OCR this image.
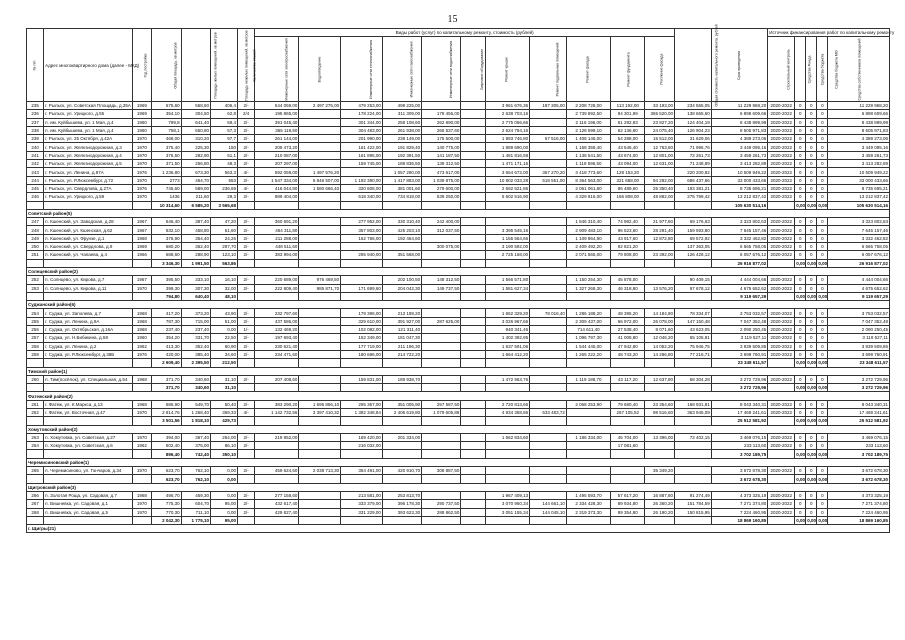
15
№ п/п	Адрес многоквартирного дома (далее - МКД)	Год постройки	Общая площадь, кв.метров	Площадь жилых помещений, кв.метров	Площадь нежилых помещений, кв.метров	Количество этажей	Виды работ (услуг) по капитальному ремонту, стоимость (рублей)											Общая стоимость капитального ремонта, рублей	Срок проведения	Источник финансирования работ по капитальному ремонту				
							Инженерные сети электроснабжения	Водоотведение	Инженерные сети теплоснабжения	Инженерные сети газоснабжения	Инженерные сети водоснабжения	Лифтовое оборудование	Ремонт крыши	Ремонт подвальных помещений	Ремонт фасада	Ремонт фундамента	Утепление фасада			Строительный контроль	Средства Фонда	Средства бюджета	Средства бюджета МО	Средства собственников помещений
235	г. Рыльск, ул. Советская Площадь, д.35А	1969	675,60	568,60	406,4	2/-	544 059,00	2 497 275,00	479 253,00	498 225,00			3 961 676,36	187 305,00	2 208 728,00	113 192,00	33 193,00	234 565,05	11 229 968,20	2020-2022	0	0	0	11 229 968,20
236	г. Рыльск, ул. Урицкого, д.55	1969	354,10	304,50	62,8	2/4	195 865,00		178 224,00	311 309,00	178 456,00		2 638 703,16		2 739 892,50	94 301,99	365 520,00	138 665,60	6 898 609,66	2020-2022	0	0	0	6 898 609,66
237	п. им. Куйбышева, ул. 1 Мая, д.4	1960	799,8	641,40	59,4	2/-	391 045,40		301 344,00	258 108,60	262 890,00		2 775 066,66		2 116 196,00	61 292,93	23 827,20	124 404,19	8 438 899,99	2020-2022	0	0	0	8 438 899,99
238	п. им. Куйбышева, ул. 1 Мая, д.4	1960	758,1	650,80	57,3	2/-	365 119,50		304 483,00	261 938,00	265 537,60		2 624 784,16		2 128 599,10	62 136,60	24 075,40	126 904,23	8 505 971,83	2020-2022	0	0	0	8 505 971,83
239	г. Рыльск, ул. 25 Октября, д.42А	1970	468,00	310,20	97,7	2/-	261 144,00		201 990,00	238 149,00	175 500,00		1 893 746,80	67 516,00	1 408 146,00	54 288,00	15 512,00	31 629,06	4 389 273,06	2020-2022	0	0	0	4 389 273,06
240	г. Рыльск, ул. Железнодорожная, д.3	1970	375,40	225,30	150	2/-	209 473,20		161 422,00	191 829,40	140 775,00		1 889 690,00		1 158 359,40	43 546,40	12 763,60	71 996,76	3 449 095,16	2020-2022	0	0	0	3 449 095,16
241	г. Рыльск, ул. Железнодорожная, д.4	1970	376,50	282,90	51,1	2/-	210 087,00		161 895,00	192 391,50	141 187,50		1 481 816,58		1 138 541,50	43 674,00	12 801,00	72 261,73	3 459 261,73	2020-2022	0	0	0	3 459 261,73
242	г. Рыльск, ул. Железнодорожная, д.5	1970	371,50	256,80	48,3	2/-	207 297,00		159 745,00	189 836,50	139 312,50		1 471 171,16		1 118 596,50	43 094,00	12 631,00	71 248,89	3 413 282,89	2020-2022	0	0	0	3 413 282,89
243	г. Рыльск, ул. Ленина, д.87А	1976	1 236,80	673,30	563,3	4/-	592 059,00	1 497 576,20		1 057 290,00	473 617,00		3 654 672,00	367 270,20	3 418 773,60	128 153,20		220 200,82	10 509 949,22	2020-2022	0	0	0	10 509 949,22
244	г. Рыльск, ул. Р.Люксембург, д.72	1970	2773	464,70	553	2/-	1 547 334,00	6 846 507,00	1 192 390,00	1 417 883,00	1 039 875,00		10 802 033,28	518 551,00	8 364 563,00	321 668,00	94 282,00	686 437,66	33 000 433,66	2020-2022	0	0	0	33 000 433,66
245	г. Рыльск, ул. Свердлова, д.27А	1976	745,60	589,00	236,69	4/-	416 044,80	1 580 666,40	320 608,00	381 001,60	279 600,00		2 692 521,86		2 061 061,60	86 489,60	25 350,40	193 381,21	8 735 695,21	2020-2022	0	0	0	8 735 695,21
246	г. Рыльск, ул. Урицкого, д.59	1970	1436	211,60	29,3	2/-	889 404,00		618 340,00	734 818,00	539 250,00		5 602 516,90		4 329 816,00	166 808,00	48 882,00	275 799,42	13 212 837,42	2020-2022	0	0	0	13 212 837,42
			10 314,60	6 585,20	3 565,68														105 630 514,16		0,00	0,00	0,00	105 630 514,16
Советский район(5)																								
247	п. Кшенский, ул. Заводская, д.28	1967	646,40	387,40	47,20	2/-	360 691,20		277 952,00	330 310,40	242 400,00				1 846 310,40	74 982,40	21 977,60	69 176,63	3 323 802,63	2020-2022	0	0	0	3 323 802,63
248	п. Кшенский, ул. Кшенская, д.62	1967	832,10	458,80	51,60	2/-	464 311,80		357 803,00	425 203,10	312 037,50		3 395 545,16		2 909 483,10	96 523,60	28 291,40	159 593,80	7 645 157,46	2020-2022	0	0	0	7 645 157,46
249	п. Кшенский, ул. Фрунзе, д.1	1968	376,90	354,40	24,26	2/-	211 288,00		162 766,00	192 464,60			1 155 564,66		1 109 864,90	43 917,60	12 872,80	69 572,92	3 332 462,82	2020-2022	0	0	0	3 332 462,82
250	п. Кшенский, ул. Свердлова, д.9	1969	680,20	362,40	297,70	2/-	448 511,60				300 075,00		3 190 592,00		2 409 492,20	92 821,20		137 363,05	6 565 758,05	2020-2022	0	0	0	6 565 758,05
251	п. Кшенский, ул. Чапаева, д.4	1966	688,60	288,90	123,10	2/-	383 994,00		295 940,00	351 568,00			2 725 168,00		2 071 565,00	79 808,00	23 392,00	126 428,12	6 057 676,12	2020-2022	0	0	0	6 057 676,12
			3 346,30	1 991,50	563,86														26 916 877,02		0,00	0,00	0,00	26 916 877,02
Солнцевский район(2)																								
252	п. Солнцево, ул. Кирова, д.7	1967	395,50	333,10	16,10	2/-	220 689,00	976 469,50		202 100,50	148 312,50		1 566 571,80		1 150 254,30	45 878,00		90 409,15	4 444 004,66	2020-2022	0	0	0	4 444 004,66
253	п. Солнцево, ул. Кирова, д.11	1970	399,30	307,30	32,00	2/-	222 809,40	985 871,70	171 699,60	204 042,30	149 737,50		1 581 627,34		1 327 269,30	46 318,80	13 576,20	97 678,12	4 675 652,62	2020-2022	0	0	0	4 675 652,62
			794,80	640,40	48,10														9 119 657,29		0,00	0,00	0,00	9 119 657,29
Суджанский район(6)																								
254	г. Суджа, ул. Заполева, д.7	1968	417,20	373,20	43,90	2/-	232 797,60		179 396,00	213 189,20			1 652 329,20	78 016,40	1 286 188,20	48 395,20	14 184,80	78 334,07	3 753 032,57	2020-2022	0	0	0	3 753 032,57
255	г. Суджа, ул. Ленина, д.9А	1968	787,30	715,00	51,00	2/-	437 586,00		329 610,00	391 927,00	287 625,00		3 026 967,66		2 309 437,00	66 972,00	26 078,00	147 150,48	7 047 352,48	2020-2022	0	0	0	7 047 352,48
256	г. Суджа, ул. Октябрьская, д.16А	1968	237,40	237,40	0,00	1/-	132 469,20		102 082,00	121 311,40			940 341,46		714 611,40	27 538,40	8 071,60	43 623,05	2 090 250,45	2020-2022	0	0	0	2 090 250,45
257	г. Суджа, ул. Н.Бибикина, д.58	1960	354,20	331,70	22,50	2/-	197 693,40		152 349,00	181 047,30			1 402 392,95		1 096 797,30	41 008,80	12 046,20	65 105,81	3 119 527,11	2020-2022	0	0	0	3 119 527,11
258	г. Суджа, ул. Ленина, д.2	1962	413,30	352,40	60,90	2/-	230 621,40		177 719,00	211 196,30			1 637 591,06		1 544 445,00	47 942,80	14 052,20	75 946,75	3 939 509,85	2020-2022	0	0	0	3 939 509,85
259	г. Суджа, ул. Р.Люксембург, д.38Б	1976	420,00	385,40	34,60	2/-	234 471,60		180 686,00	214 722,20			1 664 412,20		1 265 222,20	48 743,20	14 286,80	77 216,71	3 699 760,91	2020-2022	0	0	0	3 699 760,91
			2 609,40	2 395,50	212,50														23 348 611,57		0,00	0,00	0,00	23 348 611,57
Тимский район(1)																								
260	п. Тим(посёлок), ул. Специальная, д.54	1968	371,70	340,60	31,10	2/-	207 408,60		159 831,00	189 938,70			1 472 963,76		1 119 188,70	43 117,20	12 637,80	68 304,28	3 272 729,96	2020-2022	0	0	0	3 272 729,96
			371,70	340,60	31,10														3 272 729,96		0,00	0,00	0,00	3 272 729,96
Фатежский район(2)																								
261	г. Фатеж, ул. К.Маркса, д.13	1968	686,90	549,70	50,40	2/-	383 290,20	1 695 856,10	295 367,00	351 005,90	257 587,50		2 720 813,66		2 068 253,90	79 680,40	23 354,60	168 931,81	8 043 340,31	2020-2022	0	0	0	8 043 340,31
262	г. Фатеж, ул. Восточная, д.47	1970	2 814,76	1 268,40	369,33	4/-	1 142 732,56	3 397 410,32	1 382 348,84	2 406 619,80	1 079 605,88		4 934 368,86	633 483,72		267 105,52	98 516,60	363 945,09	17 469 241,61	2020-2022	0	0	0	17 469 241,61
			3 501,56	1 818,10	429,73														25 512 581,92		0,00	0,00	0,00	25 512 581,92
Хомутовский район(2)																								
263	п. Хомутовка, ул. Советская, д.27	1970	394,00	367,40	264,00	2/-	219 852,00		169 420,00	201 334,00			1 562 834,60		1 186 334,00	45 704,00	13 396,00	72 402,15	3 469 076,15	2020-2022	0	0	0	3 469 076,15
264	п. Хомутовка, ул. Советская, д.6	1962	502,40	375,00	86,10	2/-			216 032,00							17 081,60			233 113,60	2020-2022	0	0	0	233 113,60
			896,40	742,40	350,10														3 702 189,75		0,00	0,00	0,00	3 702 189,75
Черемисиновский район(1)																								
265	п. Черемисиново, ул. Гончаров, д.34	1970	623,70	762,10	0,00	2/-	459 624,60	2 038 713,30	354 491,00	420 910,70	308 887,50						35 349,20		3 672 678,30	2020-2022	0	0	0	3 672 678,30
			623,70	762,10	0,00														3 672 678,30		0,00	0,00	0,00	3 672 678,30
Щигровский район(3)																								
266	п. Золотая Роща, ул. Садовая, д.7	1968	496,70	459,30	0,00	2/-	277 158,60		213 581,00	253 813,70			1 967 409,13		1 495 593,70	57 617,20	16 887,80	91 274,49	4 373 325,19	2020-2022	0	0	0	4 373 325,19
267	п. Вишневка, ул. Садовая, д.1	1970	775,30	604,70	95,00	2/-	432 617,40		333 379,00	396 178,30	290 737,50		3 070 960,34	144 661,10	2 334 428,30	89 934,80	26 360,20	151 784,59	7 271 374,80	2020-2022	0	0	0	7 271 374,80
268	п. Вишневка, ул. Садовая, д.5	1970	770,30	711,10	0,00	2/-	429 827,40		331 229,00	393 623,30	288 862,50		3 051 155,34	144 045,10	2 319 373,30	89 354,80	26 190,20	150 815,95	7 224 460,95	2020-2022	0	0	0	7 224 460,95
			2 042,30	1 775,10	95,00														18 869 160,85		0,00	0,00	0,00	18 869 160,85
г. Щигры(21)																								
